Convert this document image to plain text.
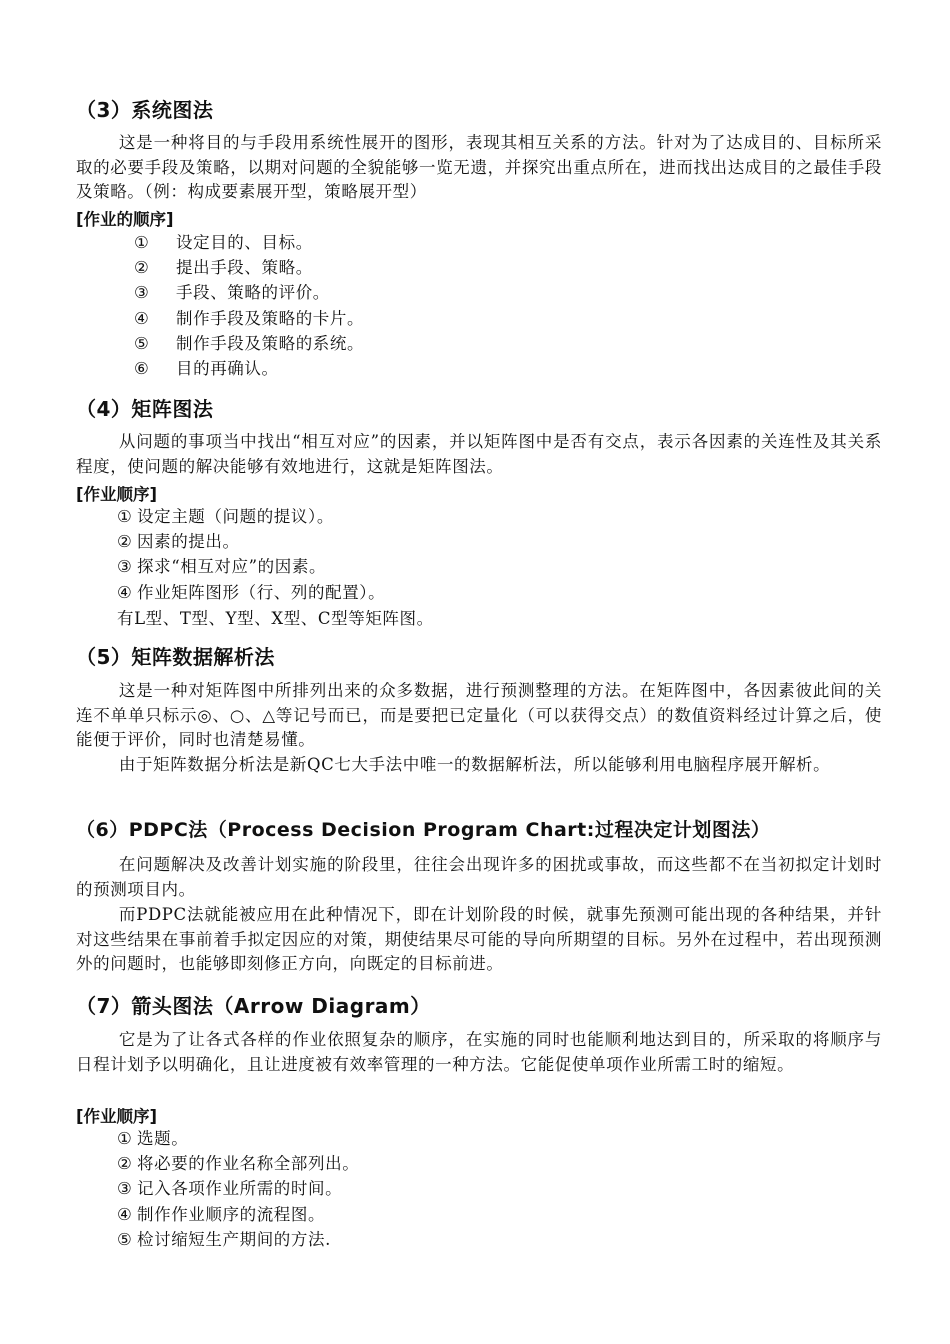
（3）系统图法

这是一种将目的与手段用系统性展开的图形，表现其相互关系的方法。针对为了达成目的、目标所采取的必要手段及策略，以期对问题的全貌能够一览无遗，并探究出重点所在，进而找出达成目的之最佳手段及策略。（例：构成要素展开型，策略展开型）

[作业的顺序]
① 设定目的、目标。
② 提出手段、策略。
③ 手段、策略的评价。
④ 制作手段及策略的卡片。
⑤ 制作手段及策略的系统。
⑥ 目的再确认。
（4）矩阵图法

从问题的事项当中找出“相互对应”的因素，并以矩阵图中是否有交点，表示各因素的关连性及其关系程度，使问题的解决能够有效地进行，这就是矩阵图法。

[作业顺序]
① 设定主题（问题的提议）。
② 因素的提出。
③ 探求“相互对应”的因素。
④ 作业矩阵图形（行、列的配置）。
有L型、T型、Y型、X型、C型等矩阵图。
（5）矩阵数据解析法

这是一种对矩阵图中所排列出来的众多数据，进行预测整理的方法。在矩阵图中，各因素彼此间的关连不单单只标示◎、○、△等记号而已，而是要把已定量化（可以获得交点）的数值资料经过计算之后，使能便于评价，同时也清楚易懂。

由于矩阵数据分析法是新QC七大手法中唯一的数据解析法，所以能够利用电脑程序展开解析。

（6）PDPC法（Process Decision Program Chart:过程决定计划图法）

在问题解决及改善计划实施的阶段里，往往会出现许多的困扰或事故，而这些都不在当初拟定计划时的预测项目内。

而PDPC法就能被应用在此种情况下，即在计划阶段的时候，就事先预测可能出现的各种结果，并针对这些结果在事前着手拟定因应的对策，期使结果尽可能的导向所期望的目标。另外在过程中，若出现预测外的问题时，也能够即刻修正方向，向既定的目标前进。

（7）箭头图法（Arrow Diagram）

它是为了让各式各样的作业依照复杂的顺序，在实施的同时也能顺利地达到目的，所采取的将顺序与日程计划予以明确化，且让进度被有效率管理的一种方法。它能促使单项作业所需工时的缩短。

[作业顺序]
① 选题。
② 将必要的作业名称全部列出。
③ 记入各项作业所需的时间。
④ 制作作业顺序的流程图。
⑤ 检讨缩短生产期间的方法.
